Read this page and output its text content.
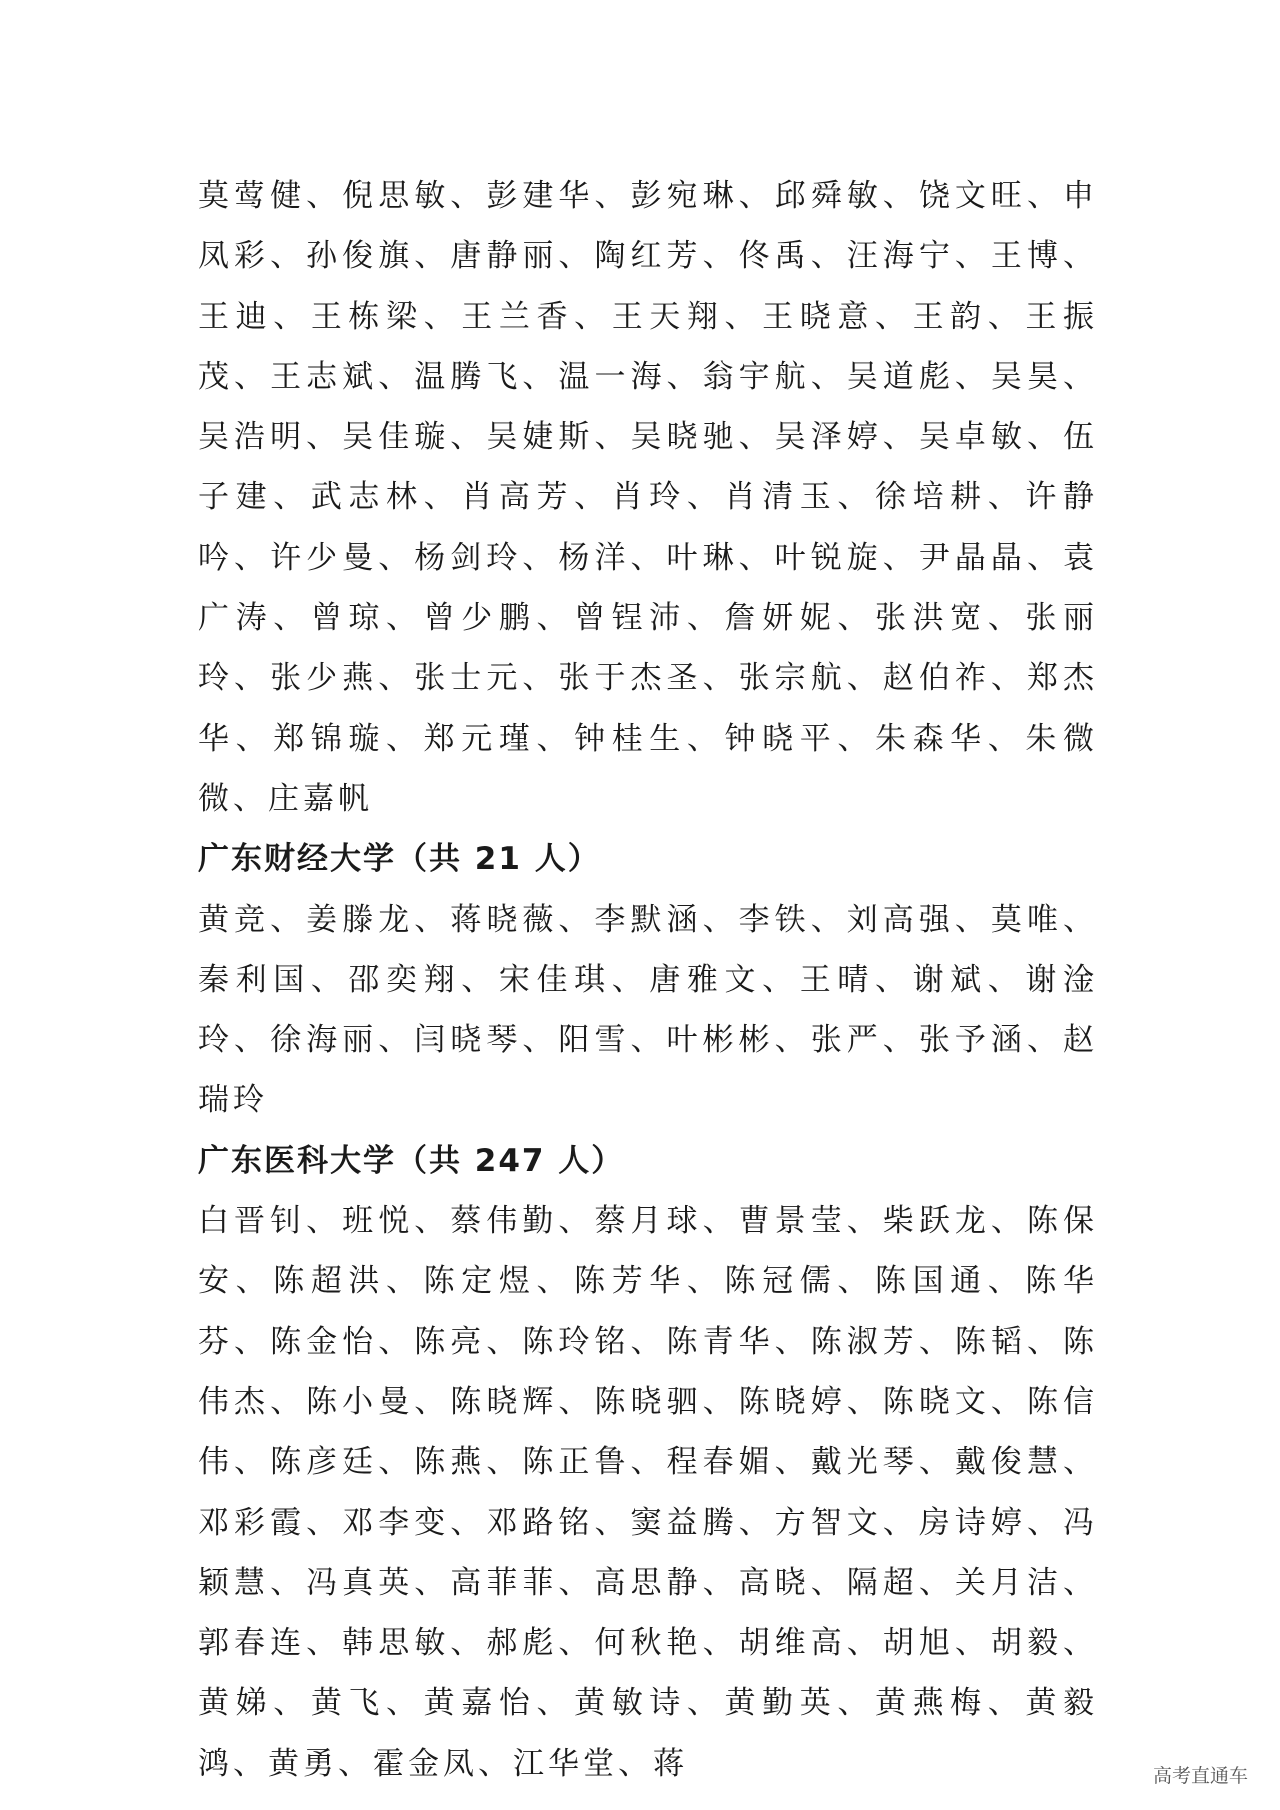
莫莺健、倪思敏、彭建华、彭宛琳、邱舜敏、饶文旺、申凤彩、孙俊旗、唐静丽、陶红芳、佟禹、汪海宁、王博、王迪、王栋梁、王兰香、王天翔、王晓意、王韵、王振茂、王志斌、温腾飞、温一海、翁宇航、吴道彪、吴昊、吴浩明、吴佳璇、吴婕斯、吴晓驰、吴泽婷、吴卓敏、伍子建、武志林、肖高芳、肖玲、肖清玉、徐培耕、许静吟、许少曼、杨剑玲、杨洋、叶琳、叶锐旋、尹晶晶、袁广涛、曾琼、曾少鹏、曾锃沛、詹妍妮、张洪宽、张丽玲、张少燕、张士元、张于杰圣、张宗航、赵伯祚、郑杰华、郑锦璇、郑元瑾、钟桂生、钟晓平、朱森华、朱微微、庄嘉帆

广东财经大学（共 21 人）

黄竞、姜滕龙、蒋晓薇、李默涵、李铁、刘高强、莫唯、秦利国、邵奕翔、宋佳琪、唐雅文、王晴、谢斌、谢淦玲、徐海丽、闫晓琴、阳雪、叶彬彬、张严、张予涵、赵瑞玲

广东医科大学（共 247 人）

白晋钊、班悦、蔡伟勤、蔡月球、曹景莹、柴跃龙、陈保安、陈超洪、陈定煜、陈芳华、陈冠儒、陈国通、陈华芬、陈金怡、陈亮、陈玲铭、陈青华、陈淑芳、陈韬、陈伟杰、陈小曼、陈晓辉、陈晓驷、陈晓婷、陈晓文、陈信伟、陈彦廷、陈燕、陈正鲁、程春媚、戴光琴、戴俊慧、邓彩霞、邓李变、邓路铭、窦益腾、方智文、房诗婷、冯颖慧、冯真英、高菲菲、高思静、高晓、隔超、关月洁、郭春连、韩思敏、郝彪、何秋艳、胡维高、胡旭、胡毅、黄娣、黄飞、黄嘉怡、黄敏诗、黄勤英、黄燕梅、黄毅鸿、黄勇、霍金凤、江华堂、蒋	高考直通车
